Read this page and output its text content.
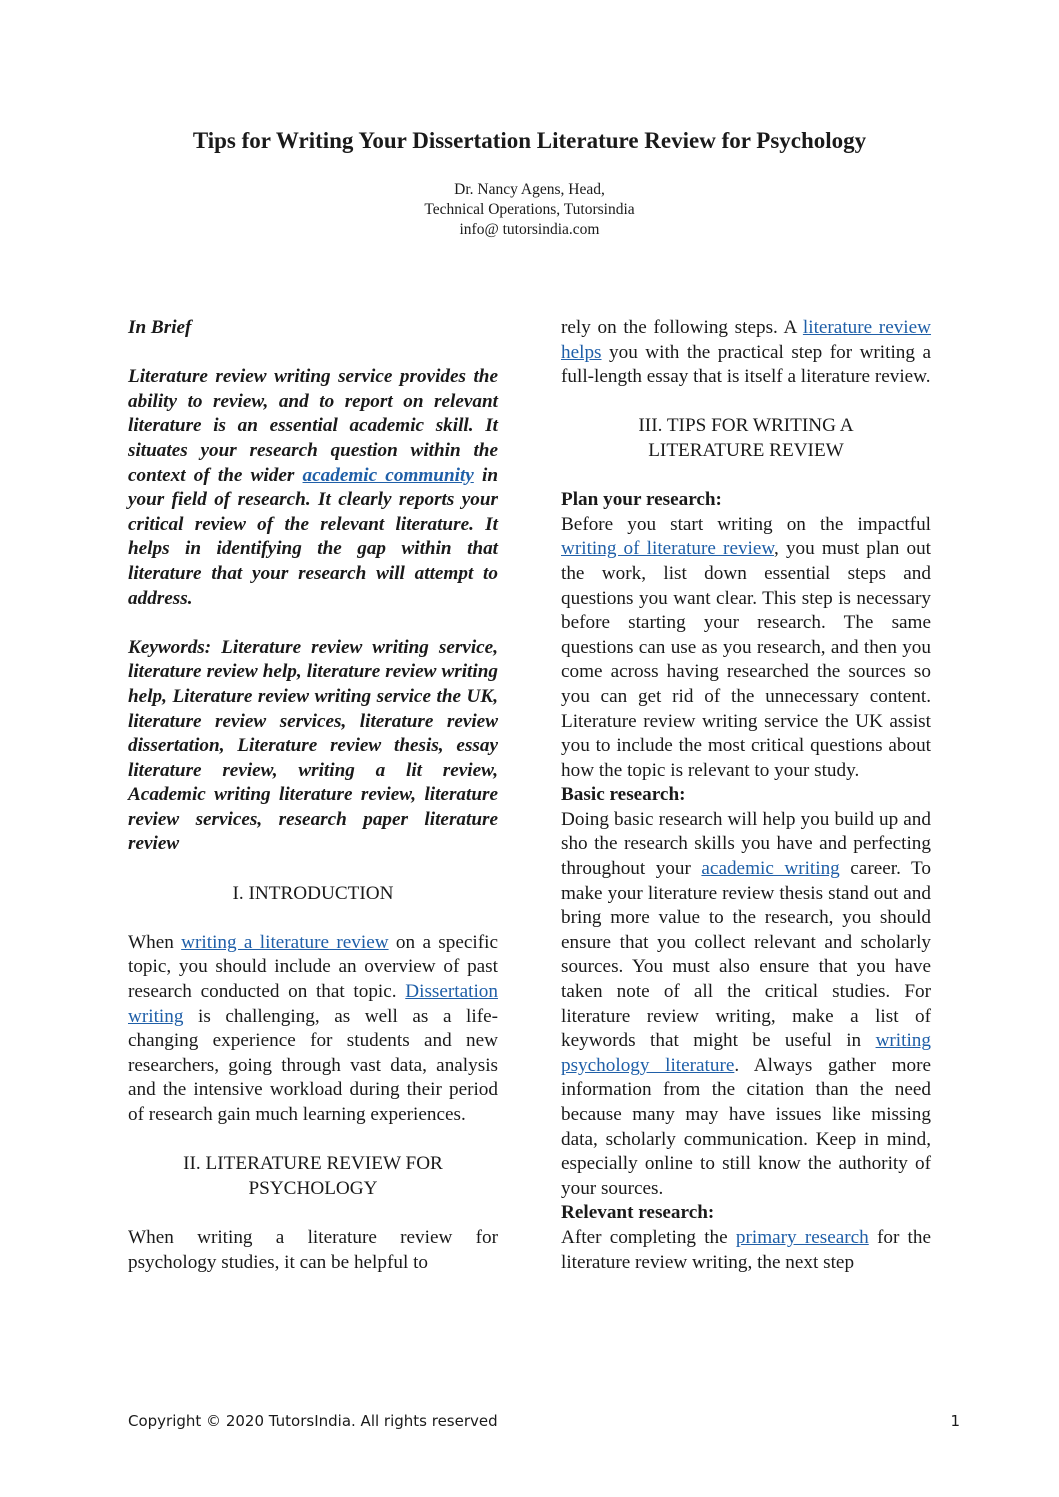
Tips for Writing Your Dissertation Literature Review for Psychology
Dr. Nancy Agens, Head,
Technical Operations, Tutorsindia
info@ tutorsindia.com

In Brief

Literature review writing service provides the ability to review, and to report on relevant literature is an essential academic skill. It situates your research question within the context of the wider academic community in your field of research. It clearly reports your critical review of the relevant literature. It helps in identifying the gap within that literature that your research will attempt to address.

Keywords: Literature review writing service, literature review help, literature review writing help, Literature review writing service the UK, literature review services, literature review dissertation, Literature review thesis, essay literature review, writing a lit review, Academic writing literature review, literature review services, research paper literature review

I. INTRODUCTION

When writing a literature review on a specific topic, you should include an overview of past research conducted on that topic. Dissertation writing is challenging, as well as a life-changing experience for students and new researchers, going through vast data, analysis and the intensive workload during their period of research gain much learning experiences.

II. LITERATURE REVIEW FOR
PSYCHOLOGY

When writing a literature review for psychology studies, it can be helpful to

rely on the following steps. A literature review helps you with the practical step for writing a full-length essay that is itself a literature review.

III. TIPS FOR WRITING A
LITERATURE REVIEW

Plan your research:

Before you start writing on the impactful writing of literature review, you must plan out the work, list down essential steps and questions you want clear. This step is necessary before starting your research. The same questions can use as you research, and then you come across having researched the sources so you can get rid of the unnecessary content. Literature review writing service the UK assist you to include the most critical questions about how the topic is relevant to your study.

Basic research:

Doing basic research will help you build up and sho the research skills you have and perfecting throughout your academic writing career. To make your literature review thesis stand out and bring more value to the research, you should ensure that you collect relevant and scholarly sources. You must also ensure that you have taken note of all the critical studies. For literature review writing, make a list of keywords that might be useful in writing psychology literature. Always gather more information from the citation than the need because many may have issues like missing data, scholarly communication. Keep in mind, especially online to still know the authority of your sources.

Relevant research:

After completing the primary research for the literature review writing, the next step

Copyright © 2020 TutorsIndia. All rights reserved	1
